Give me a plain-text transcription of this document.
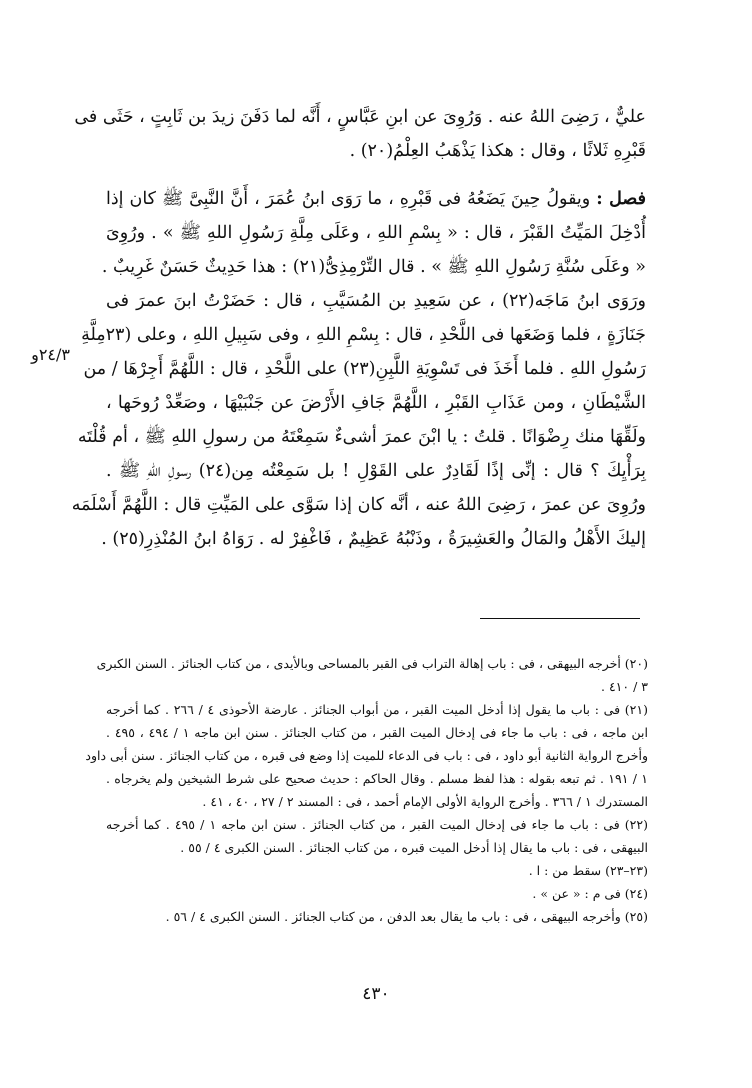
عليٌّ ، رَضِىَ اللهُ عنه . وَرُوِىَ عن ابنِ عَبَّاسٍ ، أَنَّه لما دَفَنَ زيدَ بن ثَابِتٍ ، حَثَى فى
قَبْرِهِ ثَلاثًا ، وقال : هكذا يَذْهَبُ العِلْمُ(٢٠) .
فصل : ويقولُ حِينَ يَضَعُهُ فى قَبْرِهِ ، ما رَوَى ابنُ عُمَرَ ، أَنَّ النَّبِىَّ ﷺ كان إذا
أُدْخِلَ المَيِّتُ القَبْرَ ، قال : « بِسْمِ اللهِ ، وعَلَى مِلَّةِ رَسُولِ اللهِ ﷺ » . ورُوِىَ
« وعَلَى سُنَّةِ رَسُولِ اللهِ ﷺ » . قال التِّرْمِذِىُّ(٢١) : هذا حَدِيثٌ حَسَنٌ غَرِيبٌ .
ورَوَى ابنُ مَاجَه(٢٢) ، عن سَعِيدِ بن المُسَيَّبِ ، قال : حَضَرْتُ ابنَ عمرَ فى
جَنَازَةٍ ، فلما وَضَعَها فى اللَّحْدِ ، قال : بِسْمِ اللهِ ، وفى سَبِيلِ اللهِ ، وعلى (٢٣مِلَّةِ
رَسُولِ اللهِ . فلما أَخَذَ فى تَسْوِيَةِ اللَّبِنِ(٢٣) على اللَّحْدِ ، قال : اللَّهُمَّ أَجِرْهَا / من
الشَّيْطَانِ ، ومن عَذَابِ القَبْرِ ، اللَّهُمَّ جَافِ الأَرْضَ عن جَنْبَيْهَا ، وصَعِّدْ رُوحَها ،
ولَقِّهَا منك رِضْوَانًا . قلتُ : يا ابْنَ عمرَ أشىءٌ سَمِعْتَهُ من رسولِ اللهِ ﷺ ، أم قُلْتَه
بِرَأْيِكَ ؟ قال : إنِّى إذًا لَقَادِرٌ على القَوْلِ ! بل سَمِعْتُه مِن(٢٤) رسولِ اللهِ ﷺ .
ورُوِىَ عن عمرَ ، رَضِىَ اللهُ عنه ، أنَّه كان إذا سَوَّى على المَيِّتِ قال : اللَّهُمَّ أَسْلَمَه
إليكَ الأَهْلُ والمَالُ والعَشِيرَةُ ، وذَنْبُهُ عَظِيمٌ ، فَاغْفِرْ له . رَوَاهُ ابنُ المُنْذِرِ(٢٥) .
٢٤/٣و
(٢٠) أخرجه البيهقى ، فى : باب إهالة التراب فى القبر بالمساحى وبالأيدى ، من كتاب الجنائز . السنن الكبرى
٣ / ٤١٠ .
(٢١) فى : باب ما يقول إذا أدخل الميت القبر ، من أبواب الجنائز . عارضة الأحوذى ٤ / ٢٦٦ . كما أخرجه
ابن ماجه ، فى : باب ما جاء فى إدخال الميت القبر ، من كتاب الجنائز . سنن ابن ماجه ١ / ٤٩٤ ، ٤٩٥ .
وأخرج الرواية الثانية أبو داود ، فى : باب فى الدعاء للميت إذا وضع فى قبره ، من كتاب الجنائز . سنن أبى داود
١ / ١٩١ . ثم تبعه بقوله : هذا لفظ مسلم . وقال الحاكم : حديث صحيح على شرط الشيخين ولم يخرجاه .
المستدرك ١ / ٣٦٦ . وأخرج الرواية الأولى الإمام أحمد ، فى : المسند ٢ / ٢٧ ، ٤٠ ، ٤١ .
(٢٢) فى : باب ما جاء فى إدخال الميت القبر ، من كتاب الجنائز . سنن ابن ماجه ١ / ٤٩٥ . كما أخرجه
البيهقى ، فى : باب ما يقال إذا أدخل الميت قبره ، من كتاب الجنائز . السنن الكبرى ٤ / ٥٥ .
(٢٣–٢٣) سقط من : ا .
(٢٤) فى م : « عن » .
(٢٥) وأخرجه البيهقى ، فى : باب ما يقال بعد الدفن ، من كتاب الجنائز . السنن الكبرى ٤ / ٥٦ .
٤٣٠
